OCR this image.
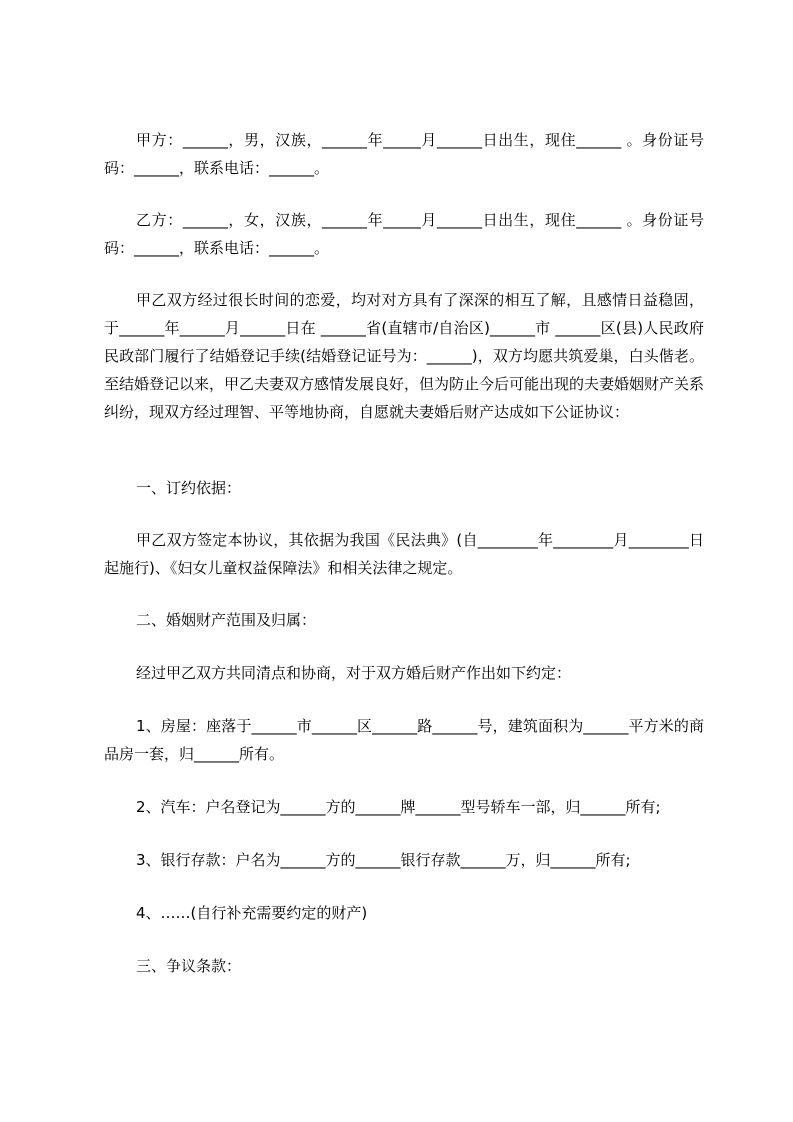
甲方：______，男，汉族，______年_____月______日出生，现住______ 。身份证号码：______，联系电话：______。

乙方：______，女，汉族，______年_____月______日出生，现住______ 。身份证号码：______，联系电话：______。

甲乙双方经过很长时间的恋爱，均对对方具有了深深的相互了解，且感情日益稳固，于______年______月______日在 ______省(直辖市/自治区)______市 ______区(县)人民政府民政部门履行了结婚登记手续(结婚登记证号为：______)，双方均愿共筑爱巢，白头偕老。至结婚登记以来，甲乙夫妻双方感情发展良好，但为防止今后可能出现的夫妻婚姻财产关系纠纷，现双方经过理智、平等地协商，自愿就夫妻婚后财产达成如下公证协议：

一、订约依据：

甲乙双方签定本协议，其依据为我国《民法典》(自________年________月________日起施行)、《妇女儿童权益保障法》和相关法律之规定。

二、婚姻财产范围及归属：

经过甲乙双方共同清点和协商，对于双方婚后财产作出如下约定：

1、房屋：座落于______市______区______路______号，建筑面积为______平方米的商品房一套，归______所有。

2、汽车：户名登记为______方的______牌______型号轿车一部，归______所有;

3、银行存款：户名为______方的______银行存款______万，归______所有;

4、……(自行补充需要约定的财产)

三、争议条款：
